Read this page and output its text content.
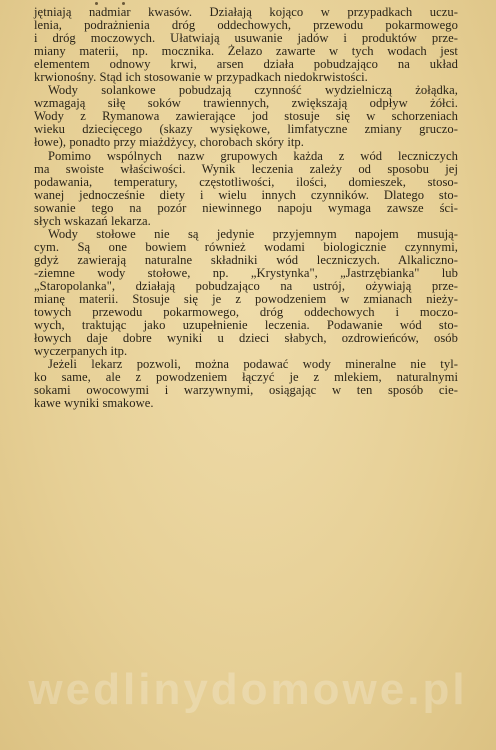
jętniają nadmiar kwasów. Działają kojąco w przypadkach uczu-
lenia, podrażnienia dróg oddechowych, przewodu pokarmowego
i dróg moczowych. Ułatwiają usuwanie jadów i produktów prze-
miany materii, np. mocznika. Żelazo zawarte w tych wodach jest
elementem odnowy krwi, arsen działa pobudzająco na układ
krwionośny. Stąd ich stosowanie w przypadkach niedokrwistości.
Wody solankowe pobudzają czynność wydzielniczą żołądka,
wzmagają siłę soków trawiennych, zwiększają odpływ żółci.
Wody z Rymanowa zawierające jod stosuje się w schorzeniach
wieku dziecięcego (skazy wysiękowe, limfatyczne zmiany gruczo-
łowe), ponadto przy miażdżycy, chorobach skóry itp.
Pomimo wspólnych nazw grupowych każda z wód leczniczych
ma swoiste właściwości. Wynik leczenia zależy od sposobu jej
podawania, temperatury, częstotliwości, ilości, domieszek, stoso-
wanej jednocześnie diety i wielu innych czynników. Dlatego sto-
sowanie tego na pozór niewinnego napoju wymaga zawsze ści-
słych wskazań lekarza.
Wody stołowe nie są jedynie przyjemnym napojem musują-
cym. Są one bowiem również wodami biologicznie czynnymi,
gdyż zawierają naturalne składniki wód leczniczych. Alkaliczno-
-ziemne wody stołowe, np. „Krystynka", „Jastrzębianka" lub
„Staropolanka", działają pobudzająco na ustrój, ożywiają prze-
mianę materii. Stosuje się je z powodzeniem w zmianach nieży-
towych przewodu pokarmowego, dróg oddechowych i moczo-
wych, traktując jako uzupełnienie leczenia. Podawanie wód sto-
łowych daje dobre wyniki u dzieci słabych, ozdrowieńców, osób
wyczerpanych itp.
Jeżeli lekarz pozwoli, można podawać wody mineralne nie tyl-
ko same, ale z powodzeniem łączyć je z mlekiem, naturalnymi
sokami owocowymi i warzywnymi, osiągając w ten sposób cie-
kawe wyniki smakowe.
wedlinydomowe.pl
